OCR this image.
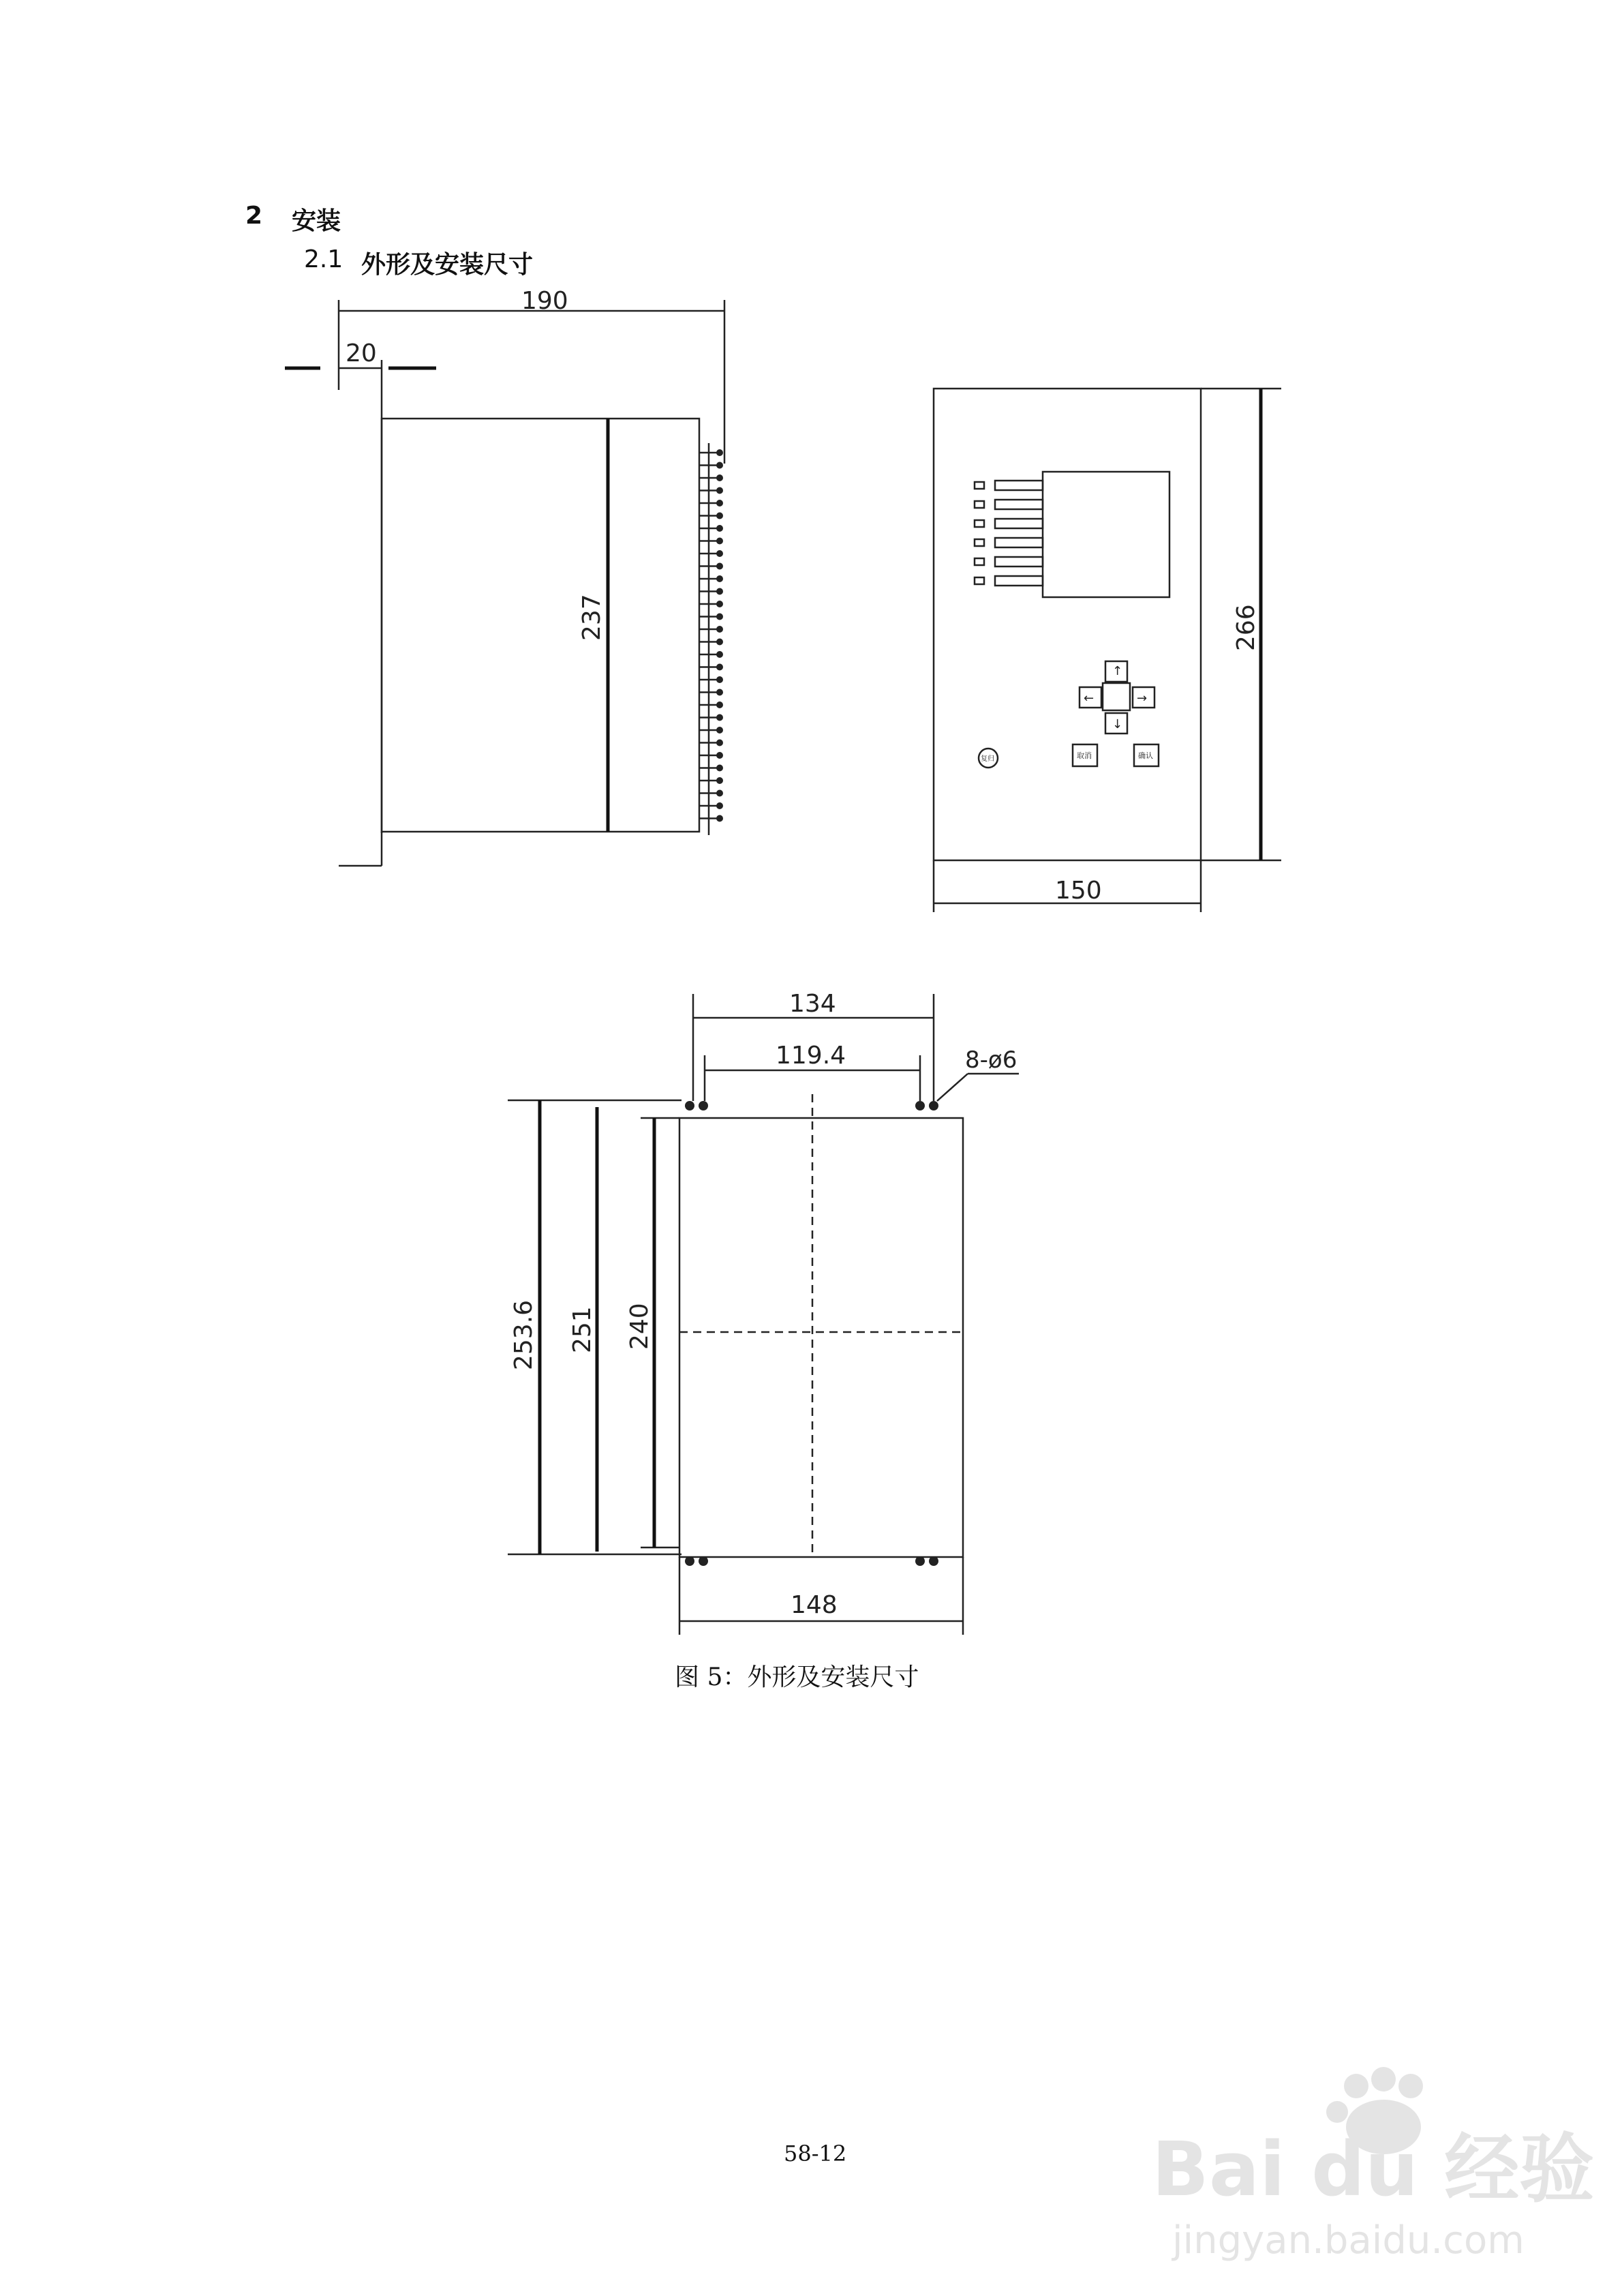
2 安装
2.1 外形及安装尺寸
190
20
237
↑
↓
←	→
取消	确认
复归
266
150
134
119.4	8-ø6
253.6 251 240
148
图 5：外形及安装尺寸
58-12	Bai du 经验
jingyan.baidu.com
